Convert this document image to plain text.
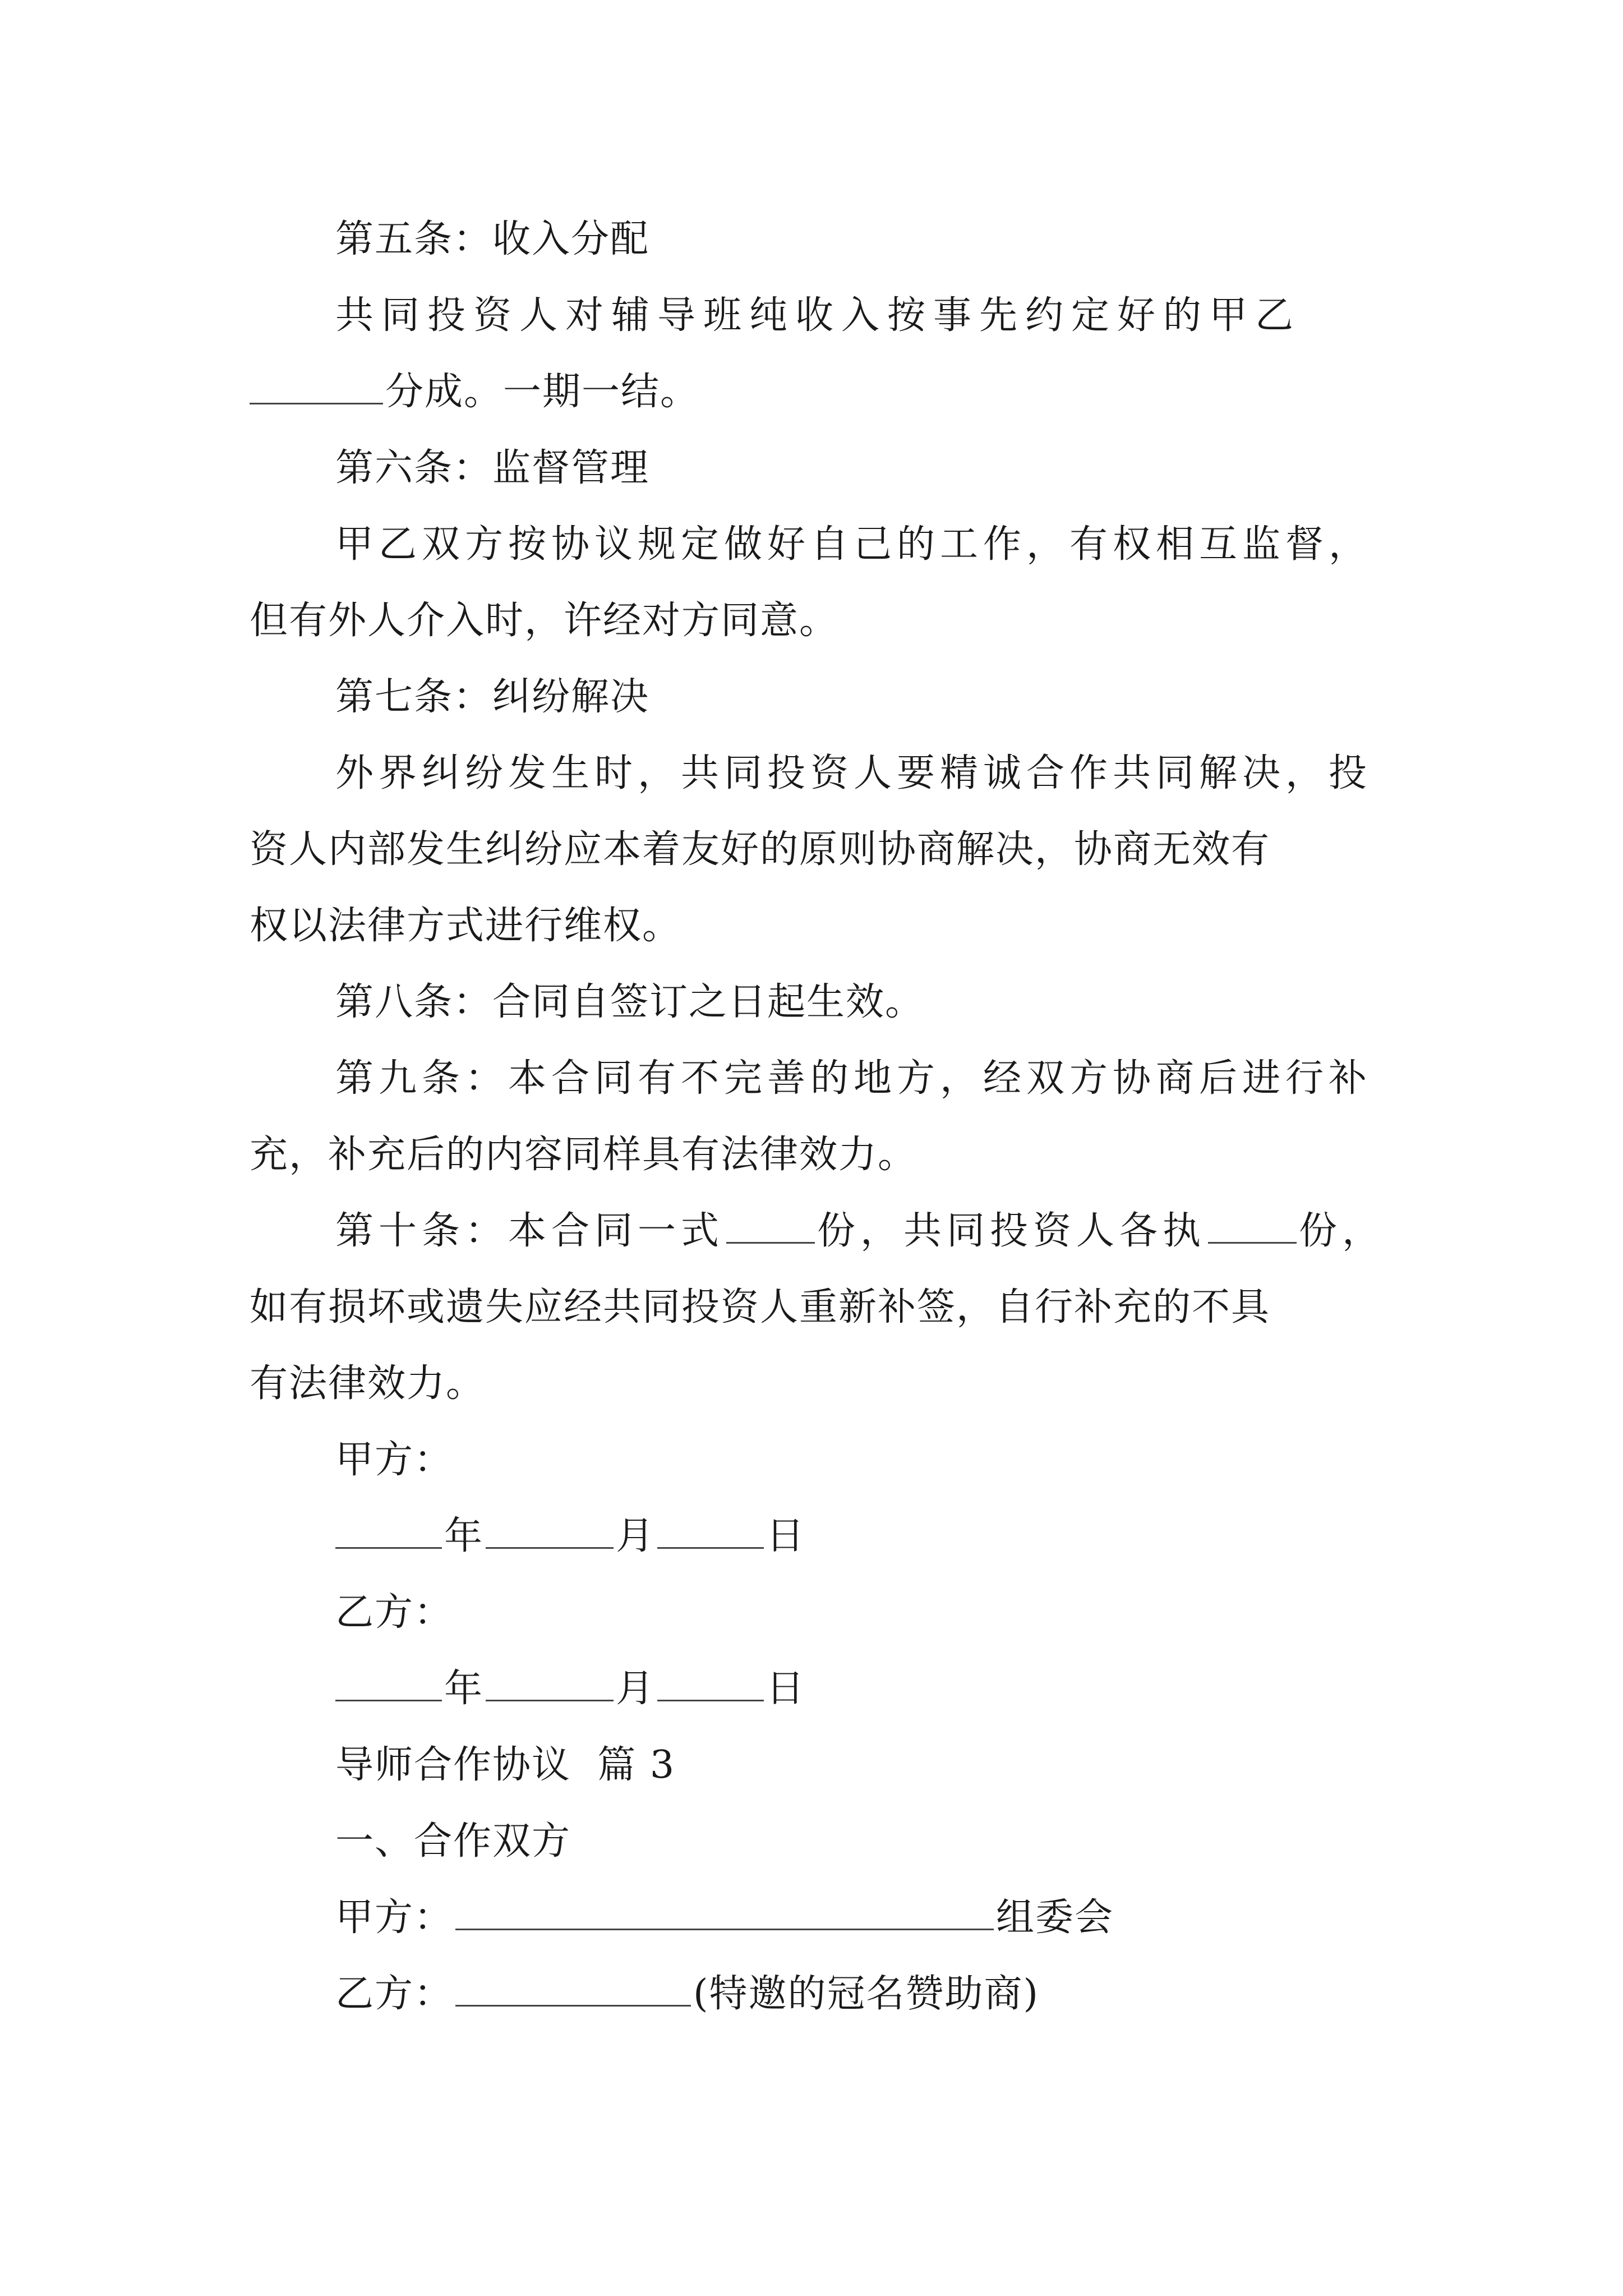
第五条：收入分配

共同投资人对辅导班纯收入按事先约定好的甲乙

分成。一期一结。

第六条：监督管理

甲乙双方按协议规定做好自己的工作，有权相互监督，

但有外人介入时，许经对方同意。

第七条：纠纷解决

外界纠纷发生时，共同投资人要精诚合作共同解决，投

资人内部发生纠纷应本着友好的原则协商解决，协商无效有

权以法律方式进行维权。

第八条：合同自签订之日起生效。

第九条：本合同有不完善的地方，经双方协商后进行补

充，补充后的内容同样具有法律效力。

第十条：本合同一式 份，共同投资人各执 份，

如有损坏或遗失应经共同投资人重新补签，自行补充的不具

有法律效力。

甲方：

年	月	日

乙方：

年	月	日

导师合作协议  篇 3

一、合作双方

甲方：	组委会

乙方：	(特邀的冠名赞助商)
